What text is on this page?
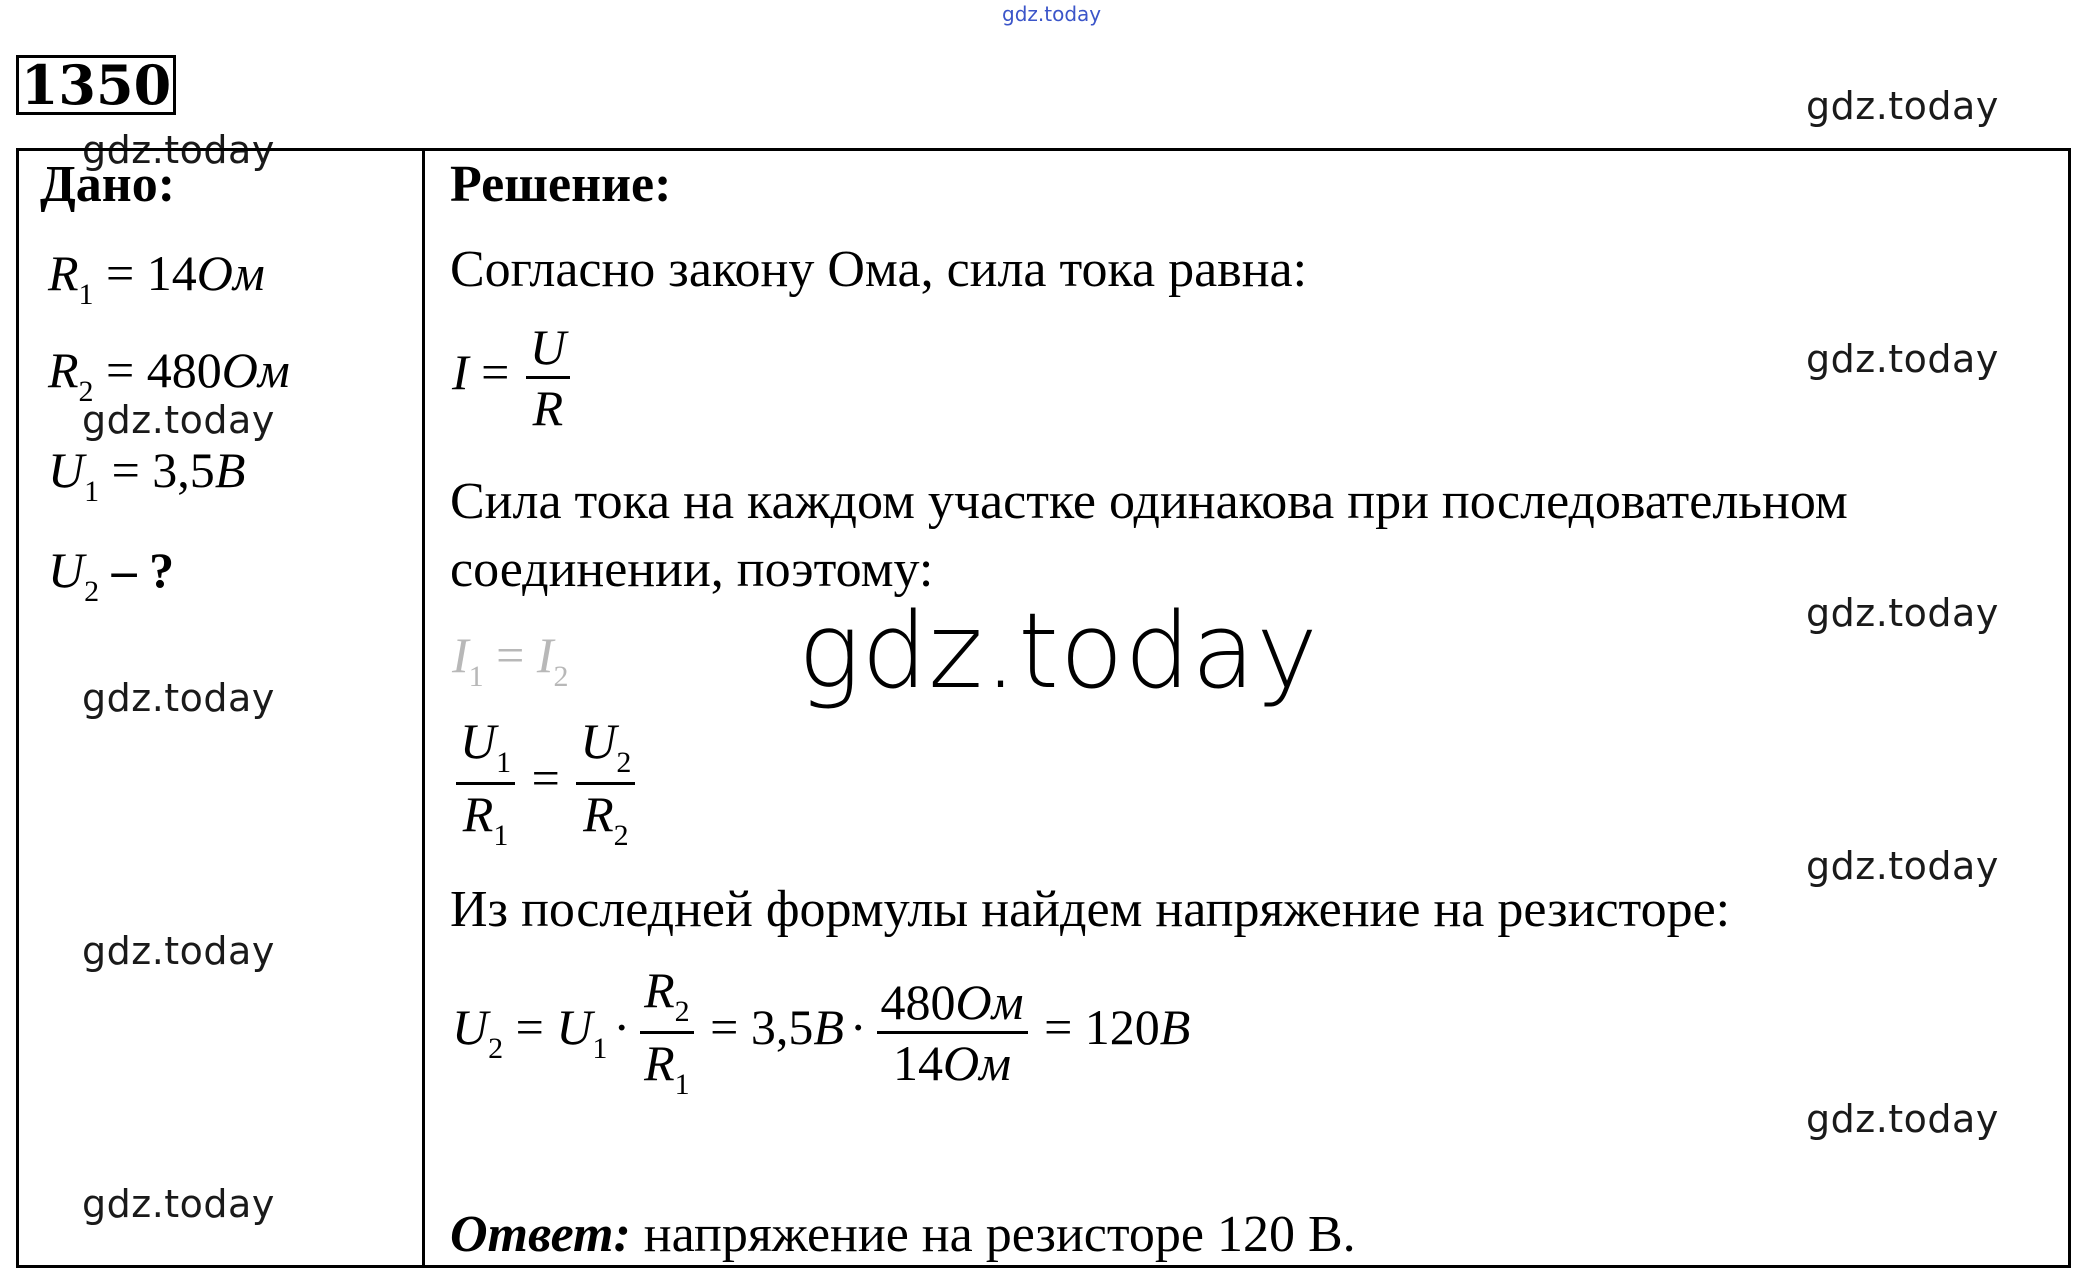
gdz.today
gdz.today
gdz.today
gdz.today
gdz.today
gdz.today
gdz.today
gdz.today
gdz.today
gdz.today
gdz.today
1350
Дано:
$R_1 = 14Ом$
$R_2 = 480Ом$
$U_1 = 3,5B$
$U_2$ – ?
Решение:
Согласно закону Ома, сила тока равна:
$I = \frac{U}{R}$
Сила тока на каждом участке одинакова при последовательном
соединении, поэтому:
$I_1 = I_2$
$\frac{U_1}{R_1} = \frac{U_2}{R_2}$
Из последней формулы найдем напряжение на резисторе:
$U_2 = U_1 \cdot \frac{R_2}{R_1} = 3,5B \cdot \frac{480Ом}{14Ом} = 120B$
Ответ: напряжение на резисторе 120 В.
gdz.today
